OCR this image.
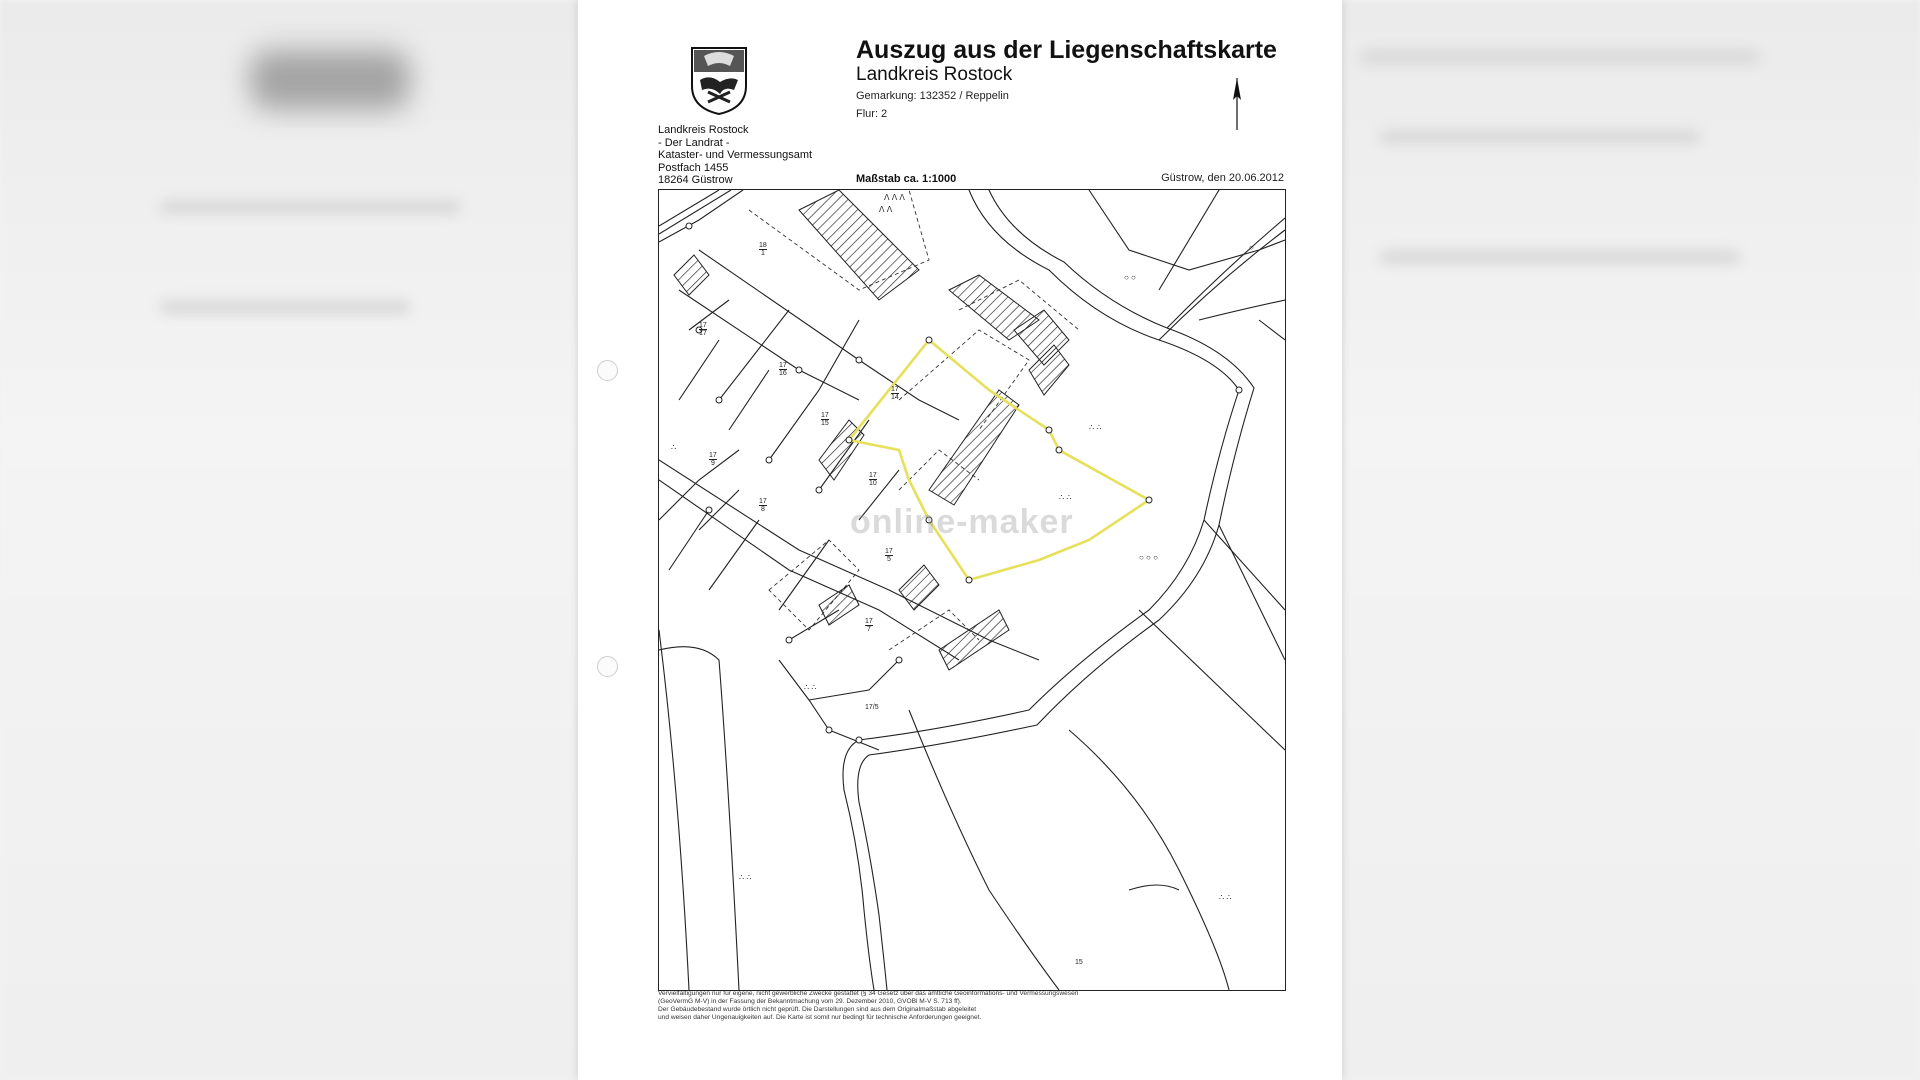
Landkreis Rostock
- Der Landrat -
Kataster- und Vermessungsamt
Postfach 1455
18264 Güstrow
Auszug aus der Liegenschaftskarte
Landkreis Rostock
Gemarkung: 132352 / Reppelin
Flur: 2
Maßstab ca. 1:1000	Güstrow, den 20.06.2012
ᐱ ᐱ ᐱ
ᐱ ᐱ
∴ ∴
∴ ∴
○ ○ ○
∴ ∴
∴ ∴
∴
∴ ∴
○ ○
○
18
1
17
17
17
16
17
15
17
14
17
10
17
9
17
8
17
5
17
7
17/5
15
online-maker
Vervielfältigungen nur für eigene, nicht gewerbliche Zwecke gestattet (§ 34 Gesetz über das amtliche Geoinformations- und Vermessungswesen
(GeoVermG M-V) in der Fassung der Bekanntmachung vom 29. Dezember 2010, GVOBl M-V S. 713 ff).
Der Gebäudebestand wurde örtlich nicht geprüft. Die Darstellungen sind aus dem Originalmaßstab abgeleitet
und weisen daher Ungenauigkeiten auf. Die Karte ist somit nur bedingt für technische Anforderungen geeignet.
